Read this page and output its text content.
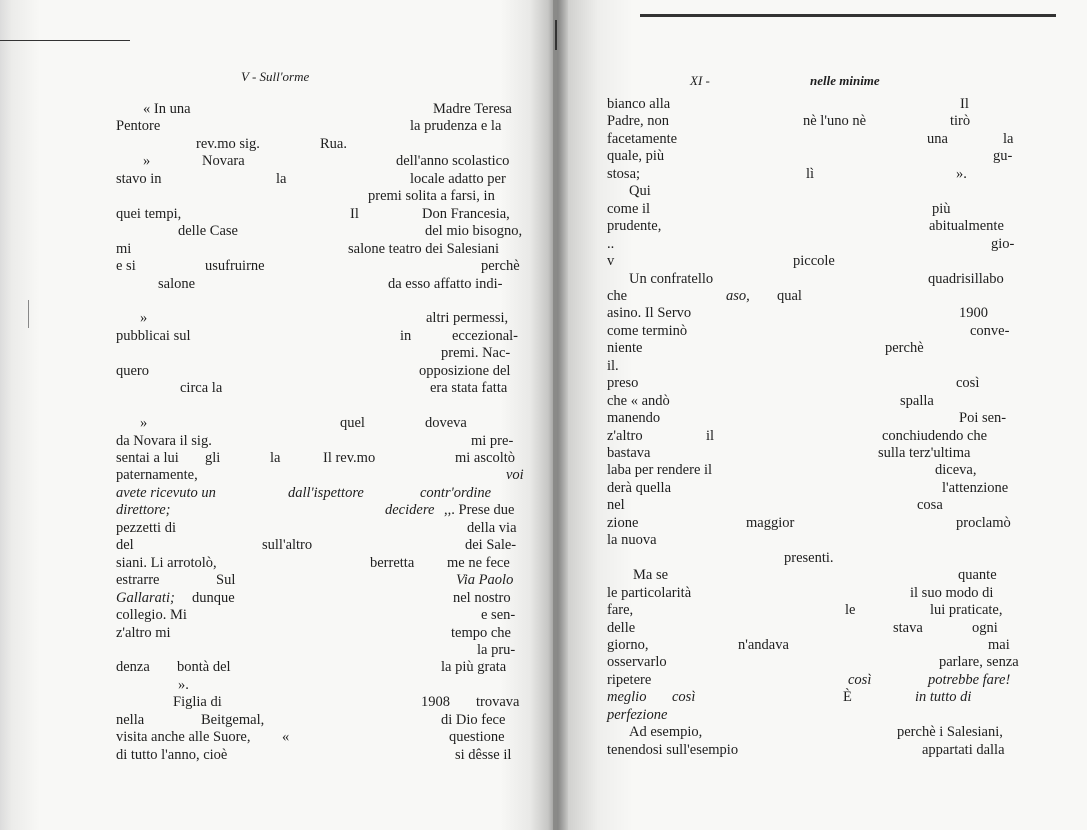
V - Sull'orme	XI -	nelle minime
« In una	Madre Teresa
Pentore	la prudenza e la
rev.mo sig.	Rua.
»	Novara	dell'anno scolastico
stavo in	la	locale adatto per
premi solita a farsi, in
quei tempi,	Il	Don Francesia,
delle Case	del mio bisogno,
mi	salone teatro dei Salesiani
e si	usufruirne	perchè
salone	da esso affatto indi-
»	altri permessi,
pubblicai sul	in	eccezional-
premi. Nac-
quero	opposizione del
circa la	era stata fatta
»	quel	doveva
da Novara il sig.	mi pre-
sentai a lui gli	la	Il rev.mo	mi ascoltò
paternamente,	voi
avete ricevuto un	dall'ispettore	contr'ordine
direttore;	decidere ,,. Prese due
pezzetti di	della via
del	sull'altro	dei Sale-
siani. Li arrotolò,	berretta me ne fece
estrarre	Sul	Via Paolo
Gallarati; dunque	nel nostro
collegio. Mi	e sen-
z'altro mi	tempo che
la pru-
denza bontà del	la più grata
».
Figlia di	1908 trovava
nella	Beitgemal,	di Dio fece
visita anche alle Suore, «	questione
di tutto l'anno, cioè	si dêsse il
bianco alla	Il
Padre, non	nè l'uno nè	tirò
facetamente	una	la
quale, più	gu-
stosa;	lì	».
Qui
come il	più
prudente,	abitualmente
..	gio-
v	piccole
Un confratello	quadrisillabo
che	aso, qual
asino. Il Servo	1900
come terminò	conve-
niente	perchè
il.
preso	così
che « andò	spalla
manendo	Poi sen-
z'altro	il	conchiudendo che
bastava	sulla terz'ultima
laba per rendere il	diceva,
derà quella	l'attenzione
nel	cosa
zione	maggior	proclamò
la nuova
presenti.
Ma se	quante
le particolarità	il suo modo di
fare,	le	lui praticate,
delle	stava	ogni
giorno,	n'andava	mai
osservarlo	parlare, senza
ripetere	così	potrebbe fare!
meglio così	È	in tutto di
perfezione
Ad esempio,	perchè i Salesiani,
tenendosi sull'esempio	appartati dalla
